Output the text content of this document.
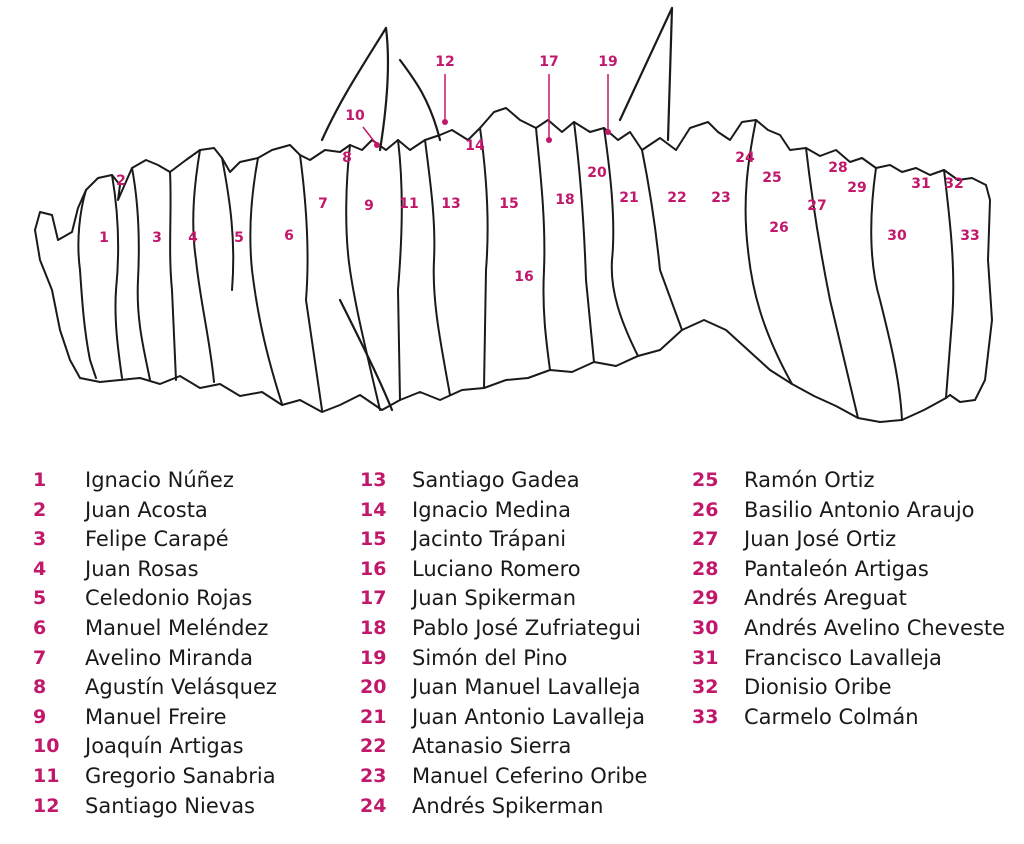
1
2
3 4	5	6
7
8
9
10
11
12
13
14
15
16
17
18
19
20
21 22 23
24
25
26
27
28
29
30
31 32
33
1 Ignacio Núñez
2 Juan Acosta
3 Felipe Carapé
4 Juan Rosas
5 Celedonio Rojas
6 Manuel Meléndez
7 Avelino Miranda
8 Agustín Velásquez
9 Manuel Freire
10 Joaquín Artigas
11 Gregorio Sanabria
12 Santiago Nievas
13 Santiago Gadea
14 Ignacio Medina
15 Jacinto Trápani
16 Luciano Romero
17 Juan Spikerman
18 Pablo José Zufriategui
19 Simón del Pino
20 Juan Manuel Lavalleja
21 Juan Antonio Lavalleja
22 Atanasio Sierra
23 Manuel Ceferino Oribe
24 Andrés Spikerman
25 Ramón Ortiz
26 Basilio Antonio Araujo
27 Juan José Ortiz
28 Pantaleón Artigas
29 Andrés Areguat
30 Andrés Avelino Cheveste
31 Francisco Lavalleja
32 Dionisio Oribe
33 Carmelo Colmán
